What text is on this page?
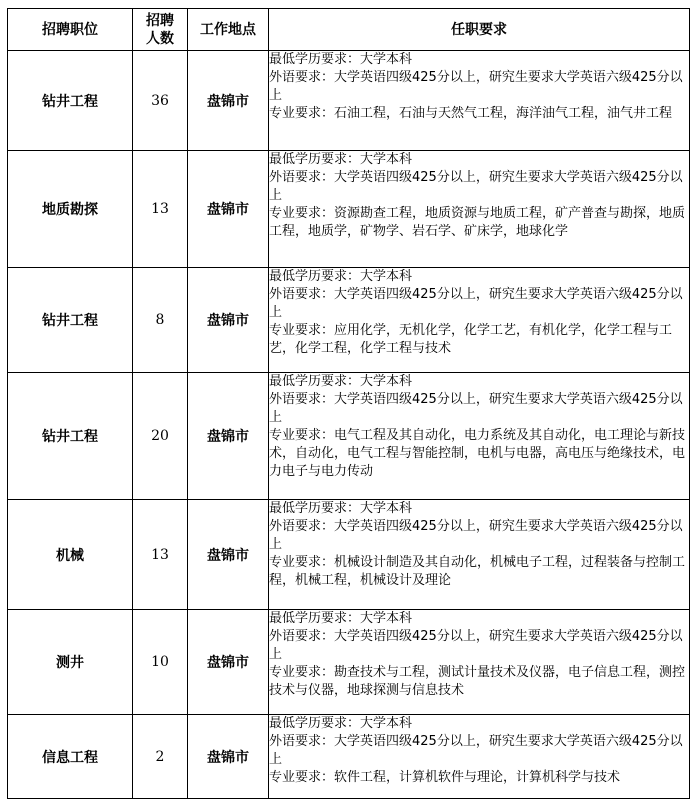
招聘职位	招聘人数	工作地点	任职要求
钻井工程	36	盘锦市	最低学历要求：大学本科
外语要求：大学英语四级425分以上，研究生要求大学英语六级425分以上
专业要求：石油工程，石油与天然气工程，海洋油气工程，油气井工程

地质勘探	13	盘锦市	最低学历要求：大学本科
外语要求：大学英语四级425分以上，研究生要求大学英语六级425分以上
专业要求：资源勘查工程，地质资源与地质工程，矿产普查与勘探，地质工程，地质学，矿物学、岩石学、矿床学，地球化学

钻井工程	8	盘锦市	最低学历要求：大学本科
外语要求：大学英语四级425分以上，研究生要求大学英语六级425分以上
专业要求：应用化学，无机化学，化学工艺，有机化学，化学工程与工艺，化学工程，化学工程与技术

钻井工程	20	盘锦市	最低学历要求：大学本科
外语要求：大学英语四级425分以上，研究生要求大学英语六级425分以上
专业要求：电气工程及其自动化，电力系统及其自动化，电工理论与新技术，自动化，电气工程与智能控制，电机与电器，高电压与绝缘技术，电力电子与电力传动

机械	13	盘锦市	最低学历要求：大学本科
外语要求：大学英语四级425分以上，研究生要求大学英语六级425分以上
专业要求：机械设计制造及其自动化，机械电子工程，过程装备与控制工程，机械工程，机械设计及理论

测井	10	盘锦市	最低学历要求：大学本科
外语要求：大学英语四级425分以上，研究生要求大学英语六级425分以上
专业要求：勘查技术与工程，测试计量技术及仪器，电子信息工程，测控技术与仪器，地球探测与信息技术

信息工程	2	盘锦市	最低学历要求：大学本科
外语要求：大学英语四级425分以上，研究生要求大学英语六级425分以上
专业要求：软件工程，计算机软件与理论，计算机科学与技术
